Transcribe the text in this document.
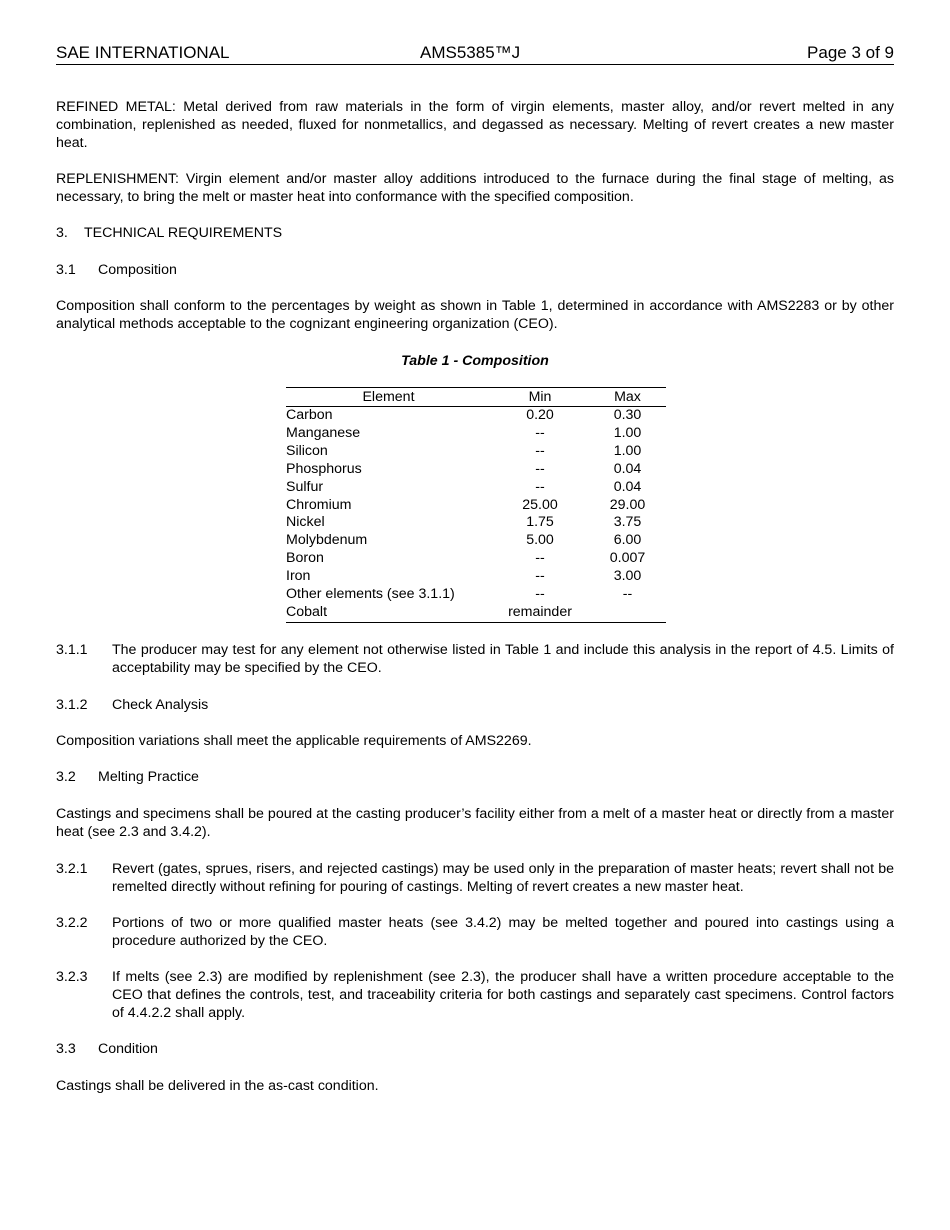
SAE INTERNATIONAL	AMS5385™J	Page 3 of 9

REFINED METAL: Metal derived from raw materials in the form of virgin elements, master alloy, and/or revert melted in any combination, replenished as needed, fluxed for nonmetallics, and degassed as necessary. Melting of revert creates a new master heat.

REPLENISHMENT: Virgin element and/or master alloy additions introduced to the furnace during the final stage of melting, as necessary, to bring the melt or master heat into conformance with the specified composition.

3. TECHNICAL REQUIREMENTS
3.1 Composition

Composition shall conform to the percentages by weight as shown in Table 1, determined in accordance with AMS2283 or by other analytical methods acceptable to the cognizant engineering organization (CEO).

Table 1 - Composition
Element	Min	Max
Carbon	0.20	0.30
Manganese	--	1.00
Silicon	--	1.00
Phosphorus	--	0.04
Sulfur	--	0.04
Chromium	25.00	29.00
Nickel	1.75	3.75
Molybdenum	5.00	6.00
Boron	--	0.007
Iron	--	3.00
Other elements (see 3.1.1)	--	--
Cobalt	remainder	
3.1.1 The producer may test for any element not otherwise listed in Table 1 and include this analysis in the report of 4.5. Limits of acceptability may be specified by the CEO.

3.1.2 Check Analysis

Composition variations shall meet the applicable requirements of AMS2269.

3.2 Melting Practice

Castings and specimens shall be poured at the casting producer’s facility either from a melt of a master heat or directly from a master heat (see 2.3 and 3.4.2).

3.2.1 Revert (gates, sprues, risers, and rejected castings) may be used only in the preparation of master heats; revert shall not be remelted directly without refining for pouring of castings. Melting of revert creates a new master heat.

3.2.2 Portions of two or more qualified master heats (see 3.4.2) may be melted together and poured into castings using a procedure authorized by the CEO.

3.2.3 If melts (see 2.3) are modified by replenishment (see 2.3), the producer shall have a written procedure acceptable to the CEO that defines the controls, test, and traceability criteria for both castings and separately cast specimens. Control factors of 4.4.2.2 shall apply.

3.3 Condition

Castings shall be delivered in the as-cast condition.
